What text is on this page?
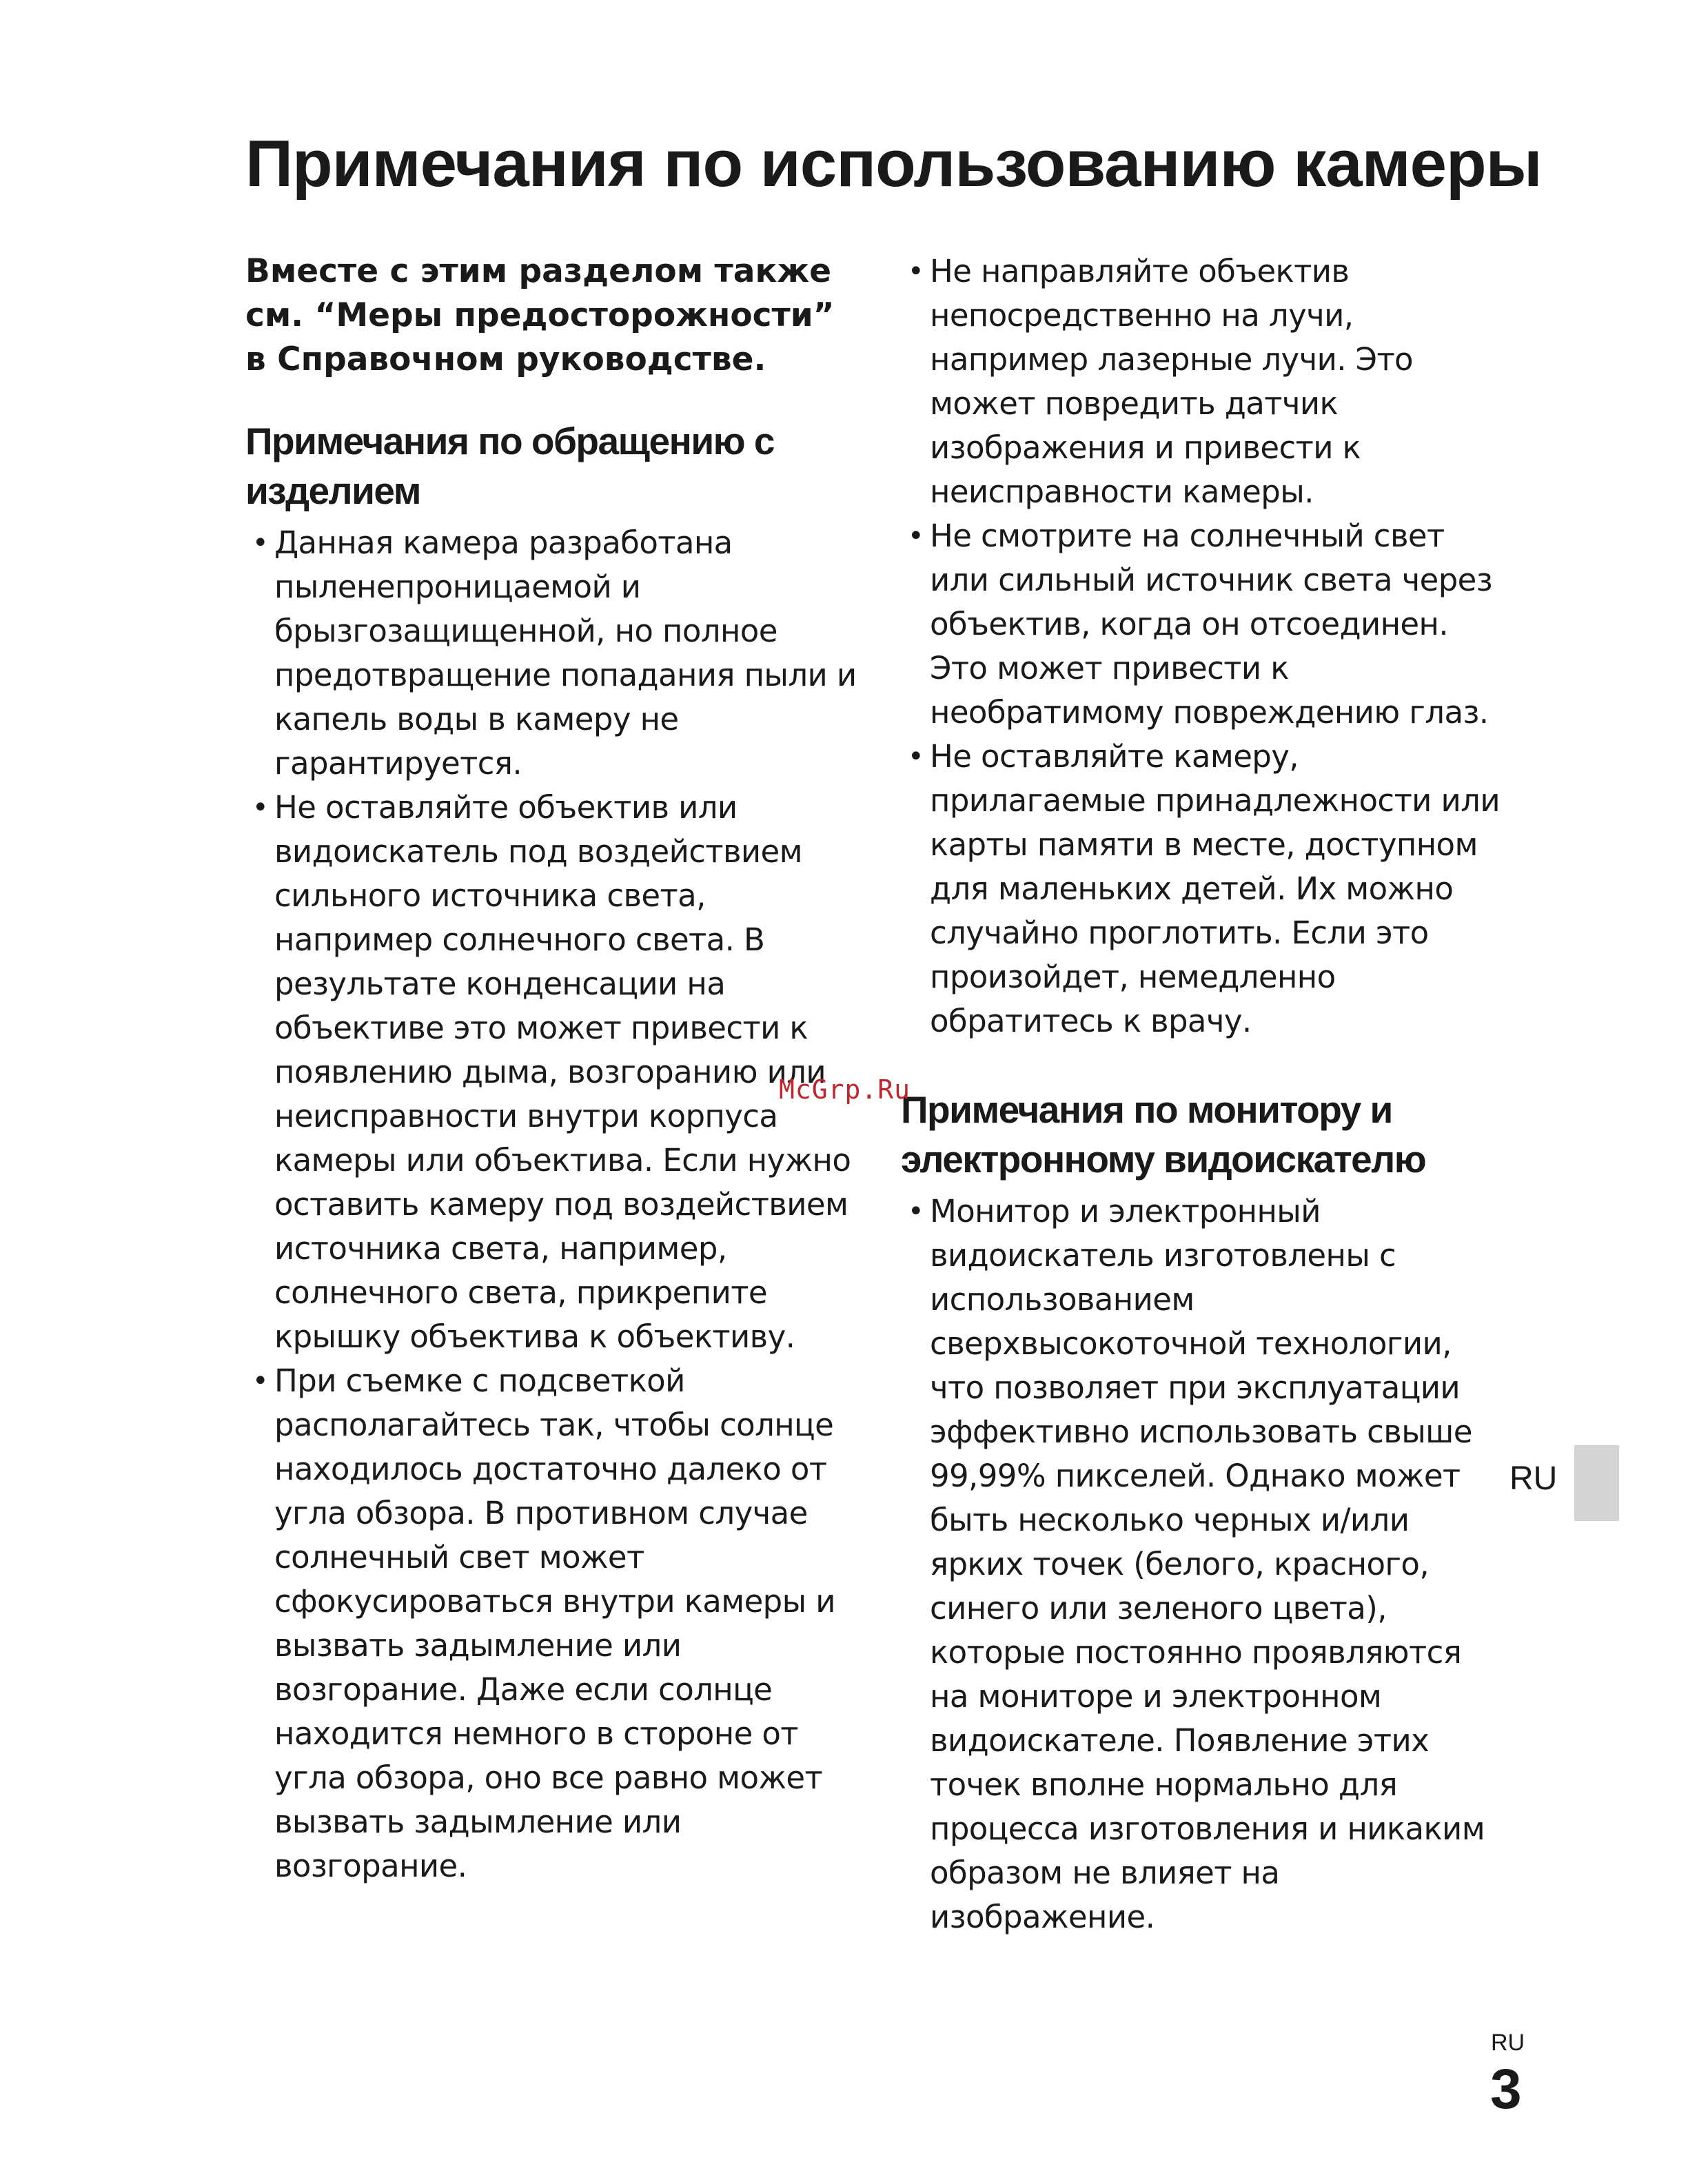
Примечания по использованию камеры

Вместе с этим разделом также см. “Меры предосторожности” в Справочном руководстве.

Примечания по обращению с изделием
• Данная камера разработана пыленепроницаемой и брызгозащищенной, но полное предотвращение попадания пыли и капель воды в камеру не гарантируется.
• Не оставляйте объектив или видоискатель под воздействием сильного источника света, например солнечного света. В результате конденсации на объективе это может привести к появлению дыма, возгоранию или неисправности внутри корпуса камеры или объектива. Если нужно оставить камеру под воздействием источника света, например, солнечного света, прикрепите крышку объектива к объективу.
• При съемке с подсветкой располагайтесь так, чтобы солнце находилось достаточно далеко от угла обзора. В противном случае солнечный свет может сфокусироваться внутри камеры и вызвать задымление или возгорание. Даже если солнце находится немного в стороне от угла обзора, оно все равно может вызвать задымление или возгорание.
• Не направляйте объектив непосредственно на лучи, например лазерные лучи. Это может повредить датчик изображения и привести к неисправности камеры.
• Не смотрите на солнечный свет или сильный источник света через объектив, когда он отсоединен. Это может привести к необратимому повреждению глаз.
• Не оставляйте камеру, прилагаемые принадлежности или карты памяти в месте, доступном для маленьких детей. Их можно случайно проглотить. Если это произойдет, немедленно обратитесь к врачу.
Примечания по монитору и электронному видоискателю
• Монитор и электронный видоискатель изготовлены с использованием сверхвысокоточной технологии, что позволяет при эксплуатации эффективно использовать свыше 99,99% пикселей. Однако может быть несколько черных и/или ярких точек (белого, красного, синего или зеленого цвета), которые постоянно проявляются на мониторе и электронном видоискателе. Появление этих точек вполне нормально для процесса изготовления и никаким образом не влияет на изображение.
McGrp.Ru
RU
RU
3
